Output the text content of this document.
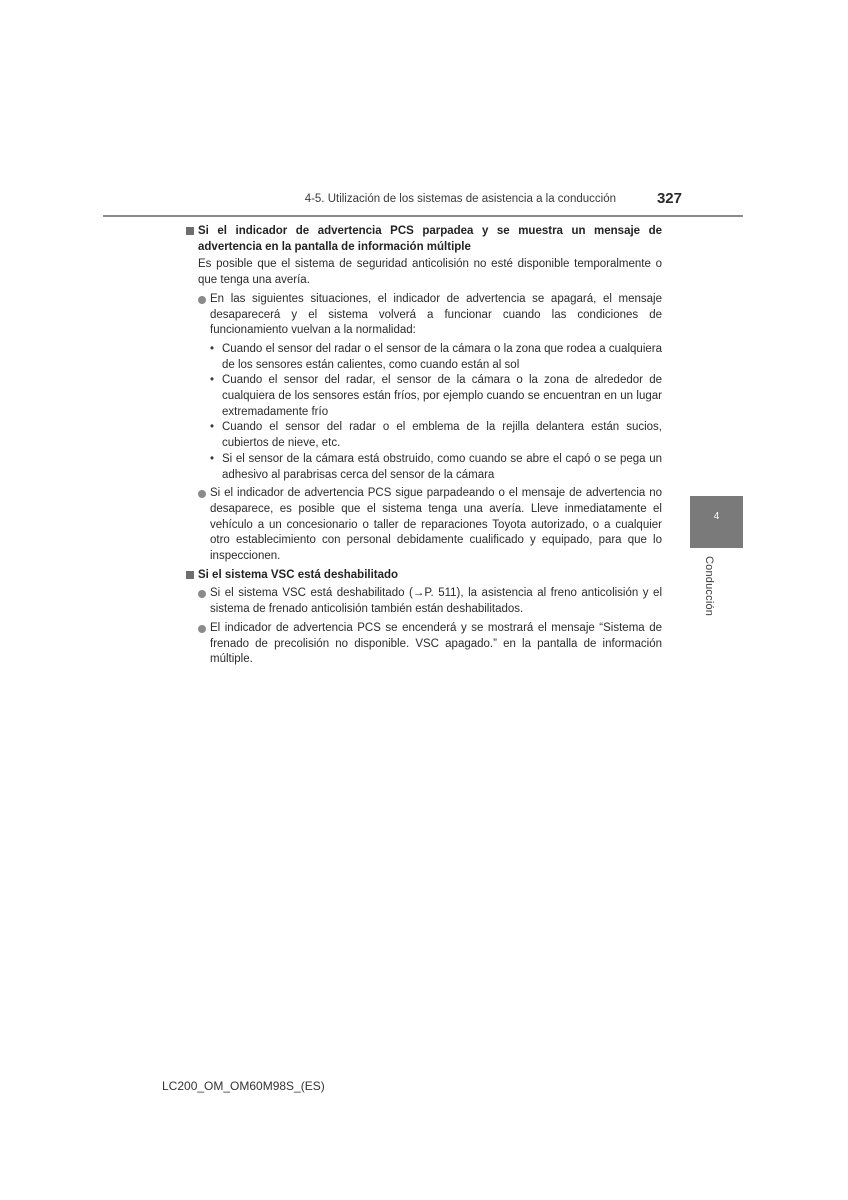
4-5. Utilización de los sistemas de asistencia a la conducción	327
4
Conducción
Si el indicador de advertencia PCS parpadea y se muestra un mensaje de advertencia en la pantalla de información múltiple
Es posible que el sistema de seguridad anticolisión no esté disponible temporalmente o que tenga una avería.
En las siguientes situaciones, el indicador de advertencia se apagará, el mensaje desaparecerá y el sistema volverá a funcionar cuando las condiciones de funcionamiento vuelvan a la normalidad:
• Cuando el sensor del radar o el sensor de la cámara o la zona que rodea a cualquiera de los sensores están calientes, como cuando están al sol
• Cuando el sensor del radar, el sensor de la cámara o la zona de alrededor de cualquiera de los sensores están fríos, por ejemplo cuando se encuentran en un lugar extremadamente frío
• Cuando el sensor del radar o el emblema de la rejilla delantera están sucios, cubiertos de nieve, etc.
• Si el sensor de la cámara está obstruido, como cuando se abre el capó o se pega un adhesivo al parabrisas cerca del sensor de la cámara
Si el indicador de advertencia PCS sigue parpadeando o el mensaje de advertencia no desaparece, es posible que el sistema tenga una avería. Lleve inmediatamente el vehículo a un concesionario o taller de reparaciones Toyota autorizado, o a cualquier otro establecimiento con personal debidamente cualificado y equipado, para que lo inspeccionen.
Si el sistema VSC está deshabilitado
Si el sistema VSC está deshabilitado (→P. 511), la asistencia al freno anticolisión y el sistema de frenado anticolisión también están deshabilitados.
El indicador de advertencia PCS se encenderá y se mostrará el mensaje “Sistema de frenado de precolisión no disponible. VSC apagado.” en la pantalla de información múltiple.
LC200_OM_OM60M98S_(ES)
